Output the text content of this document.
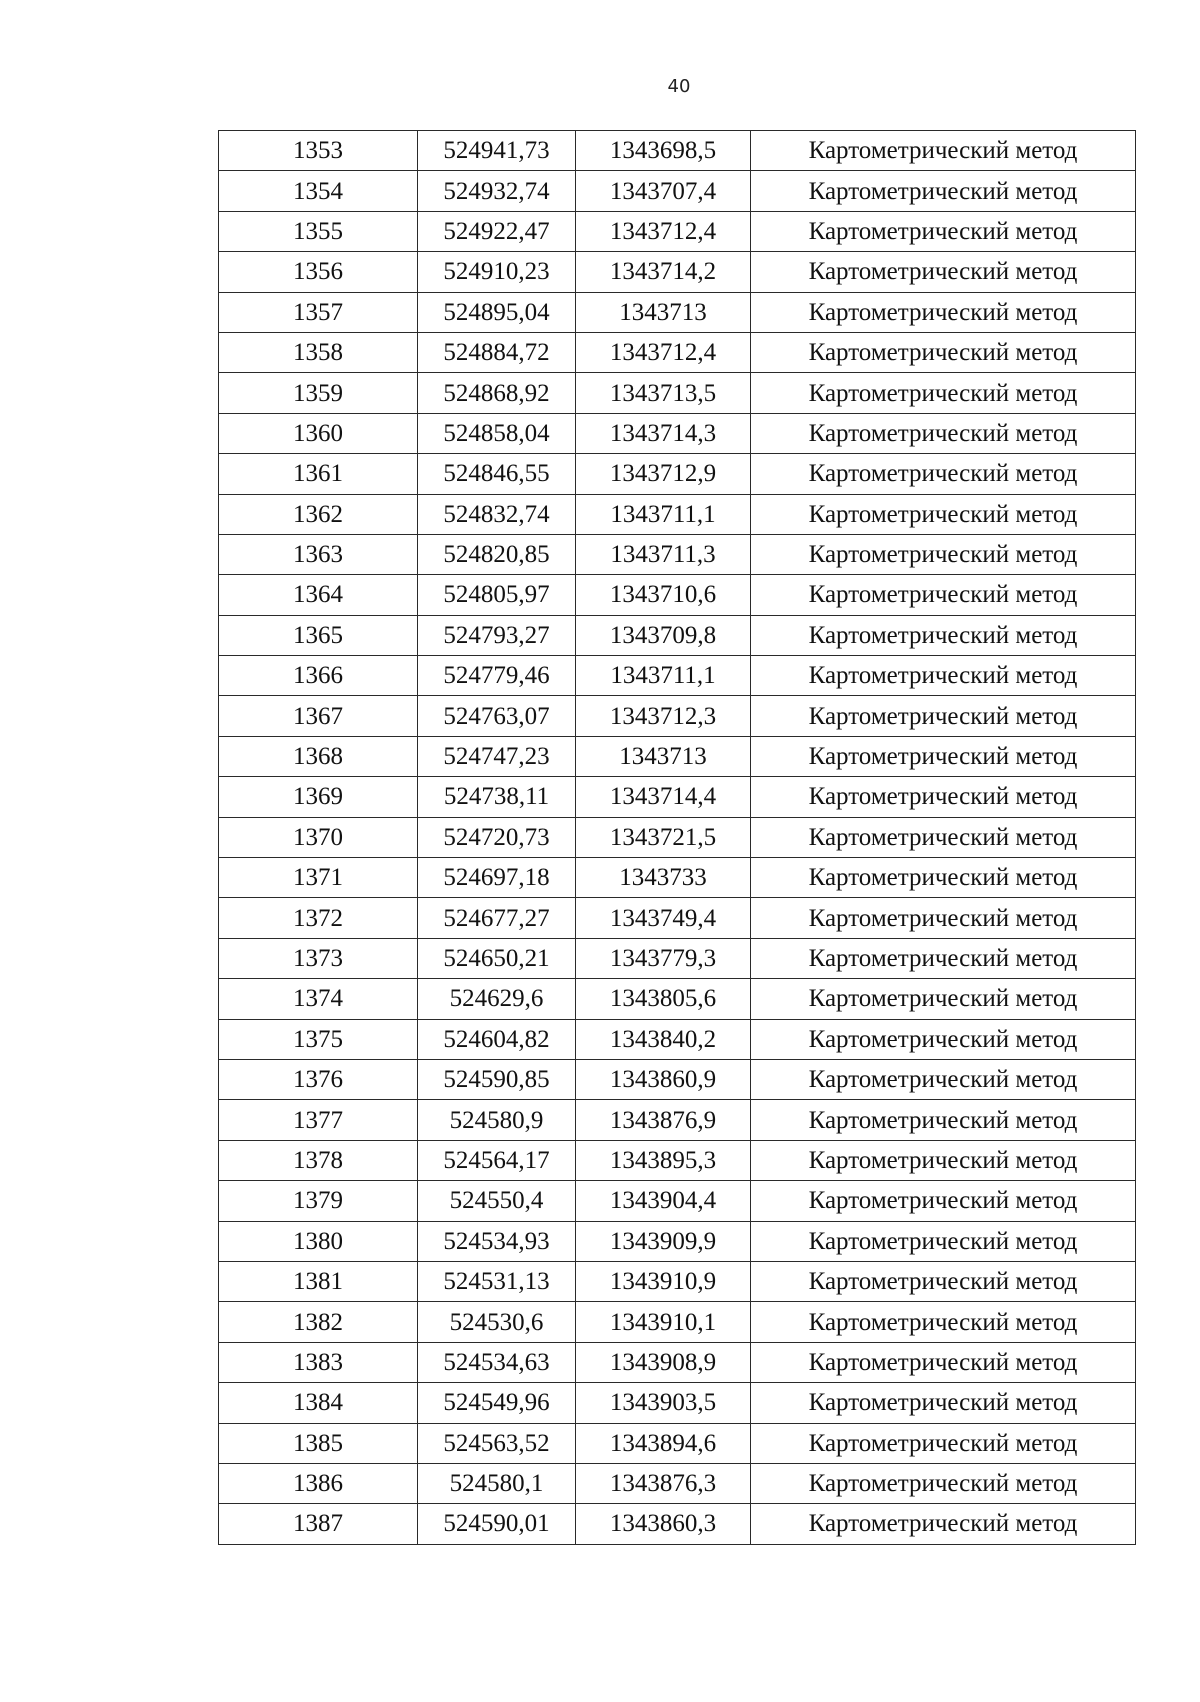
40
1353	524941,73	1343698,5	Картометрический метод
1354	524932,74	1343707,4	Картометрический метод
1355	524922,47	1343712,4	Картометрический метод
1356	524910,23	1343714,2	Картометрический метод
1357	524895,04	1343713	Картометрический метод
1358	524884,72	1343712,4	Картометрический метод
1359	524868,92	1343713,5	Картометрический метод
1360	524858,04	1343714,3	Картометрический метод
1361	524846,55	1343712,9	Картометрический метод
1362	524832,74	1343711,1	Картометрический метод
1363	524820,85	1343711,3	Картометрический метод
1364	524805,97	1343710,6	Картометрический метод
1365	524793,27	1343709,8	Картометрический метод
1366	524779,46	1343711,1	Картометрический метод
1367	524763,07	1343712,3	Картометрический метод
1368	524747,23	1343713	Картометрический метод
1369	524738,11	1343714,4	Картометрический метод
1370	524720,73	1343721,5	Картометрический метод
1371	524697,18	1343733	Картометрический метод
1372	524677,27	1343749,4	Картометрический метод
1373	524650,21	1343779,3	Картометрический метод
1374	524629,6	1343805,6	Картометрический метод
1375	524604,82	1343840,2	Картометрический метод
1376	524590,85	1343860,9	Картометрический метод
1377	524580,9	1343876,9	Картометрический метод
1378	524564,17	1343895,3	Картометрический метод
1379	524550,4	1343904,4	Картометрический метод
1380	524534,93	1343909,9	Картометрический метод
1381	524531,13	1343910,9	Картометрический метод
1382	524530,6	1343910,1	Картометрический метод
1383	524534,63	1343908,9	Картометрический метод
1384	524549,96	1343903,5	Картометрический метод
1385	524563,52	1343894,6	Картометрический метод
1386	524580,1	1343876,3	Картометрический метод
1387	524590,01	1343860,3	Картометрический метод
